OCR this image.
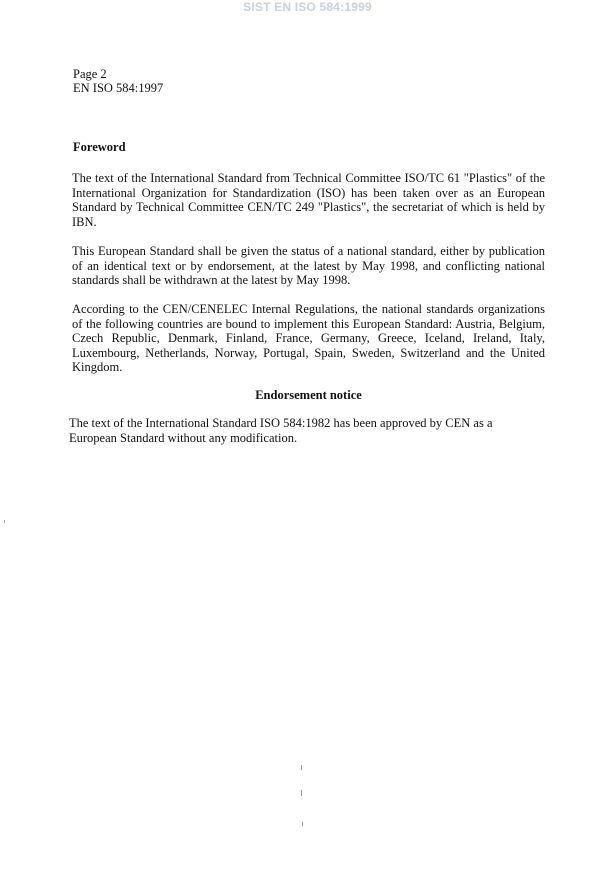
SIST EN ISO 584:1999
Page 2
EN ISO 584:1997
Foreword

The text of the International Standard from Technical Committee ISO/TC 61 "Plastics" of the International Organization for Standardization (ISO) has been taken over as an European Standard by Technical Committee CEN/TC 249 "Plastics", the secretariat of which is held by IBN.

This European Standard shall be given the status of a national standard, either by publication of an identical text or by endorsement, at the latest by May 1998, and conflicting national standards shall be withdrawn at the latest by May 1998.

According to the CEN/CENELEC Internal Regulations, the national standards organizations of the following countries are bound to implement this European Standard: Austria, Belgium, Czech Republic, Denmark, Finland, France, Germany, Greece, Iceland, Ireland, Italy, Luxembourg, Netherlands, Norway, Portugal, Spain, Sweden, Switzerland and the United Kingdom.

Endorsement notice

The text of the International Standard ISO 584:1982 has been approved by CEN as a European Standard without any modification.
